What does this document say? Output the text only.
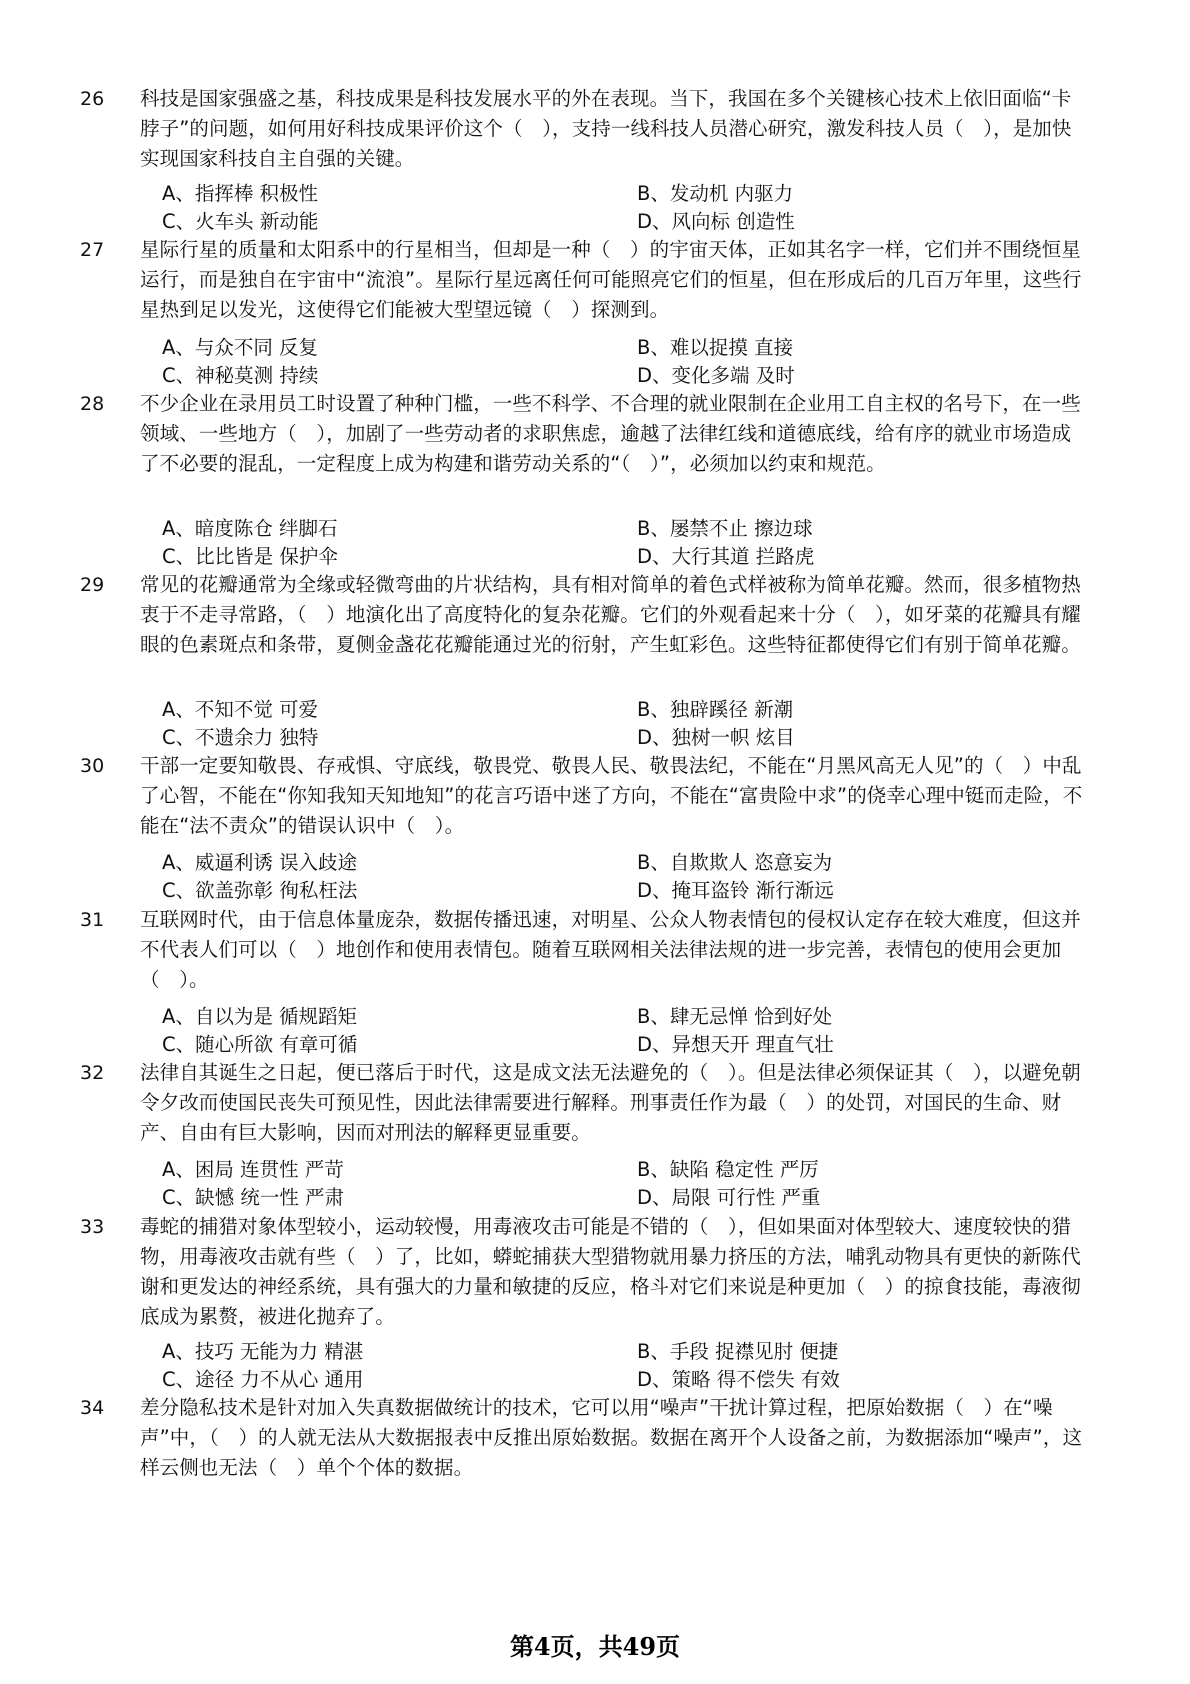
26 科技是国家强盛之基，科技成果是科技发展水平的外在表现。当下，我国在多个关键核心技术上依旧面临“卡脖子”的问题，如何用好科技成果评价这个（　），支持一线科技人员潜心研究，激发科技人员（　），是加快实现国家科技自主自强的关键。
A、指挥棒 积极性	B、发动机 内驱力
C、火车头 新动能	D、风向标 创造性
27 星际行星的质量和太阳系中的行星相当，但却是一种（　）的宇宙天体，正如其名字一样，它们并不围绕恒星运行，而是独自在宇宙中“流浪”。星际行星远离任何可能照亮它们的恒星，但在形成后的几百万年里，这些行星热到足以发光，这使得它们能被大型望远镜（　）探测到。
A、与众不同 反复	B、难以捉摸 直接
C、神秘莫测 持续	D、变化多端 及时
28 不少企业在录用员工时设置了种种门槛，一些不科学、不合理的就业限制在企业用工自主权的名号下，在一些领域、一些地方（　），加剧了一些劳动者的求职焦虑，逾越了法律红线和道德底线，给有序的就业市场造成了不必要的混乱，一定程度上成为构建和谐劳动关系的“（　）”，必须加以约束和规范。
A、暗度陈仓 绊脚石	B、屡禁不止 擦边球
C、比比皆是 保护伞	D、大行其道 拦路虎
29 常见的花瓣通常为全缘或轻微弯曲的片状结构，具有相对简单的着色式样被称为简单花瓣。然而，很多植物热衷于不走寻常路，（　）地演化出了高度特化的复杂花瓣。它们的外观看起来十分（　），如牙菜的花瓣具有耀眼的色素斑点和条带，夏侧金盏花花瓣能通过光的衍射，产生虹彩色。这些特征都使得它们有别于简单花瓣。
A、不知不觉 可爱	B、独辟蹊径 新潮
C、不遗余力 独特	D、独树一帜 炫目
30 干部一定要知敬畏、存戒惧、守底线，敬畏党、敬畏人民、敬畏法纪，不能在“月黑风高无人见”的（　）中乱了心智，不能在“你知我知天知地知”的花言巧语中迷了方向，不能在“富贵险中求”的侥幸心理中铤而走险，不能在“法不责众”的错误认识中（　）。
A、威逼利诱 误入歧途	B、自欺欺人 恣意妄为
C、欲盖弥彰 徇私枉法	D、掩耳盗铃 渐行渐远
31 互联网时代，由于信息体量庞杂，数据传播迅速，对明星、公众人物表情包的侵权认定存在较大难度，但这并不代表人们可以（　）地创作和使用表情包。随着互联网相关法律法规的进一步完善，表情包的使用会更加（　）。
A、自以为是 循规蹈矩	B、肆无忌惮 恰到好处
C、随心所欲 有章可循	D、异想天开 理直气壮
32 法律自其诞生之日起，便已落后于时代，这是成文法无法避免的（　）。但是法律必须保证其（　），以避免朝令夕改而使国民丧失可预见性，因此法律需要进行解释。刑事责任作为最（　）的处罚，对国民的生命、财产、自由有巨大影响，因而对刑法的解释更显重要。
A、困局 连贯性 严苛	B、缺陷 稳定性 严厉
C、缺憾 统一性 严肃	D、局限 可行性 严重
33 毒蛇的捕猎对象体型较小，运动较慢，用毒液攻击可能是不错的（　），但如果面对体型较大、速度较快的猎物，用毒液攻击就有些（　）了，比如，蟒蛇捕获大型猎物就用暴力挤压的方法，哺乳动物具有更快的新陈代谢和更发达的神经系统，具有强大的力量和敏捷的反应，格斗对它们来说是种更加（　）的掠食技能，毒液彻底成为累赘，被进化抛弃了。
A、技巧 无能为力 精湛	B、手段 捉襟见肘 便捷
C、途径 力不从心 通用	D、策略 得不偿失 有效
34 差分隐私技术是针对加入失真数据做统计的技术，它可以用“噪声”干扰计算过程，把原始数据（　）在“噪声”中，（　）的人就无法从大数据报表中反推出原始数据。数据在离开个人设备之前，为数据添加“噪声”，这样云侧也无法（　）单个个体的数据。
第4页，共49页
